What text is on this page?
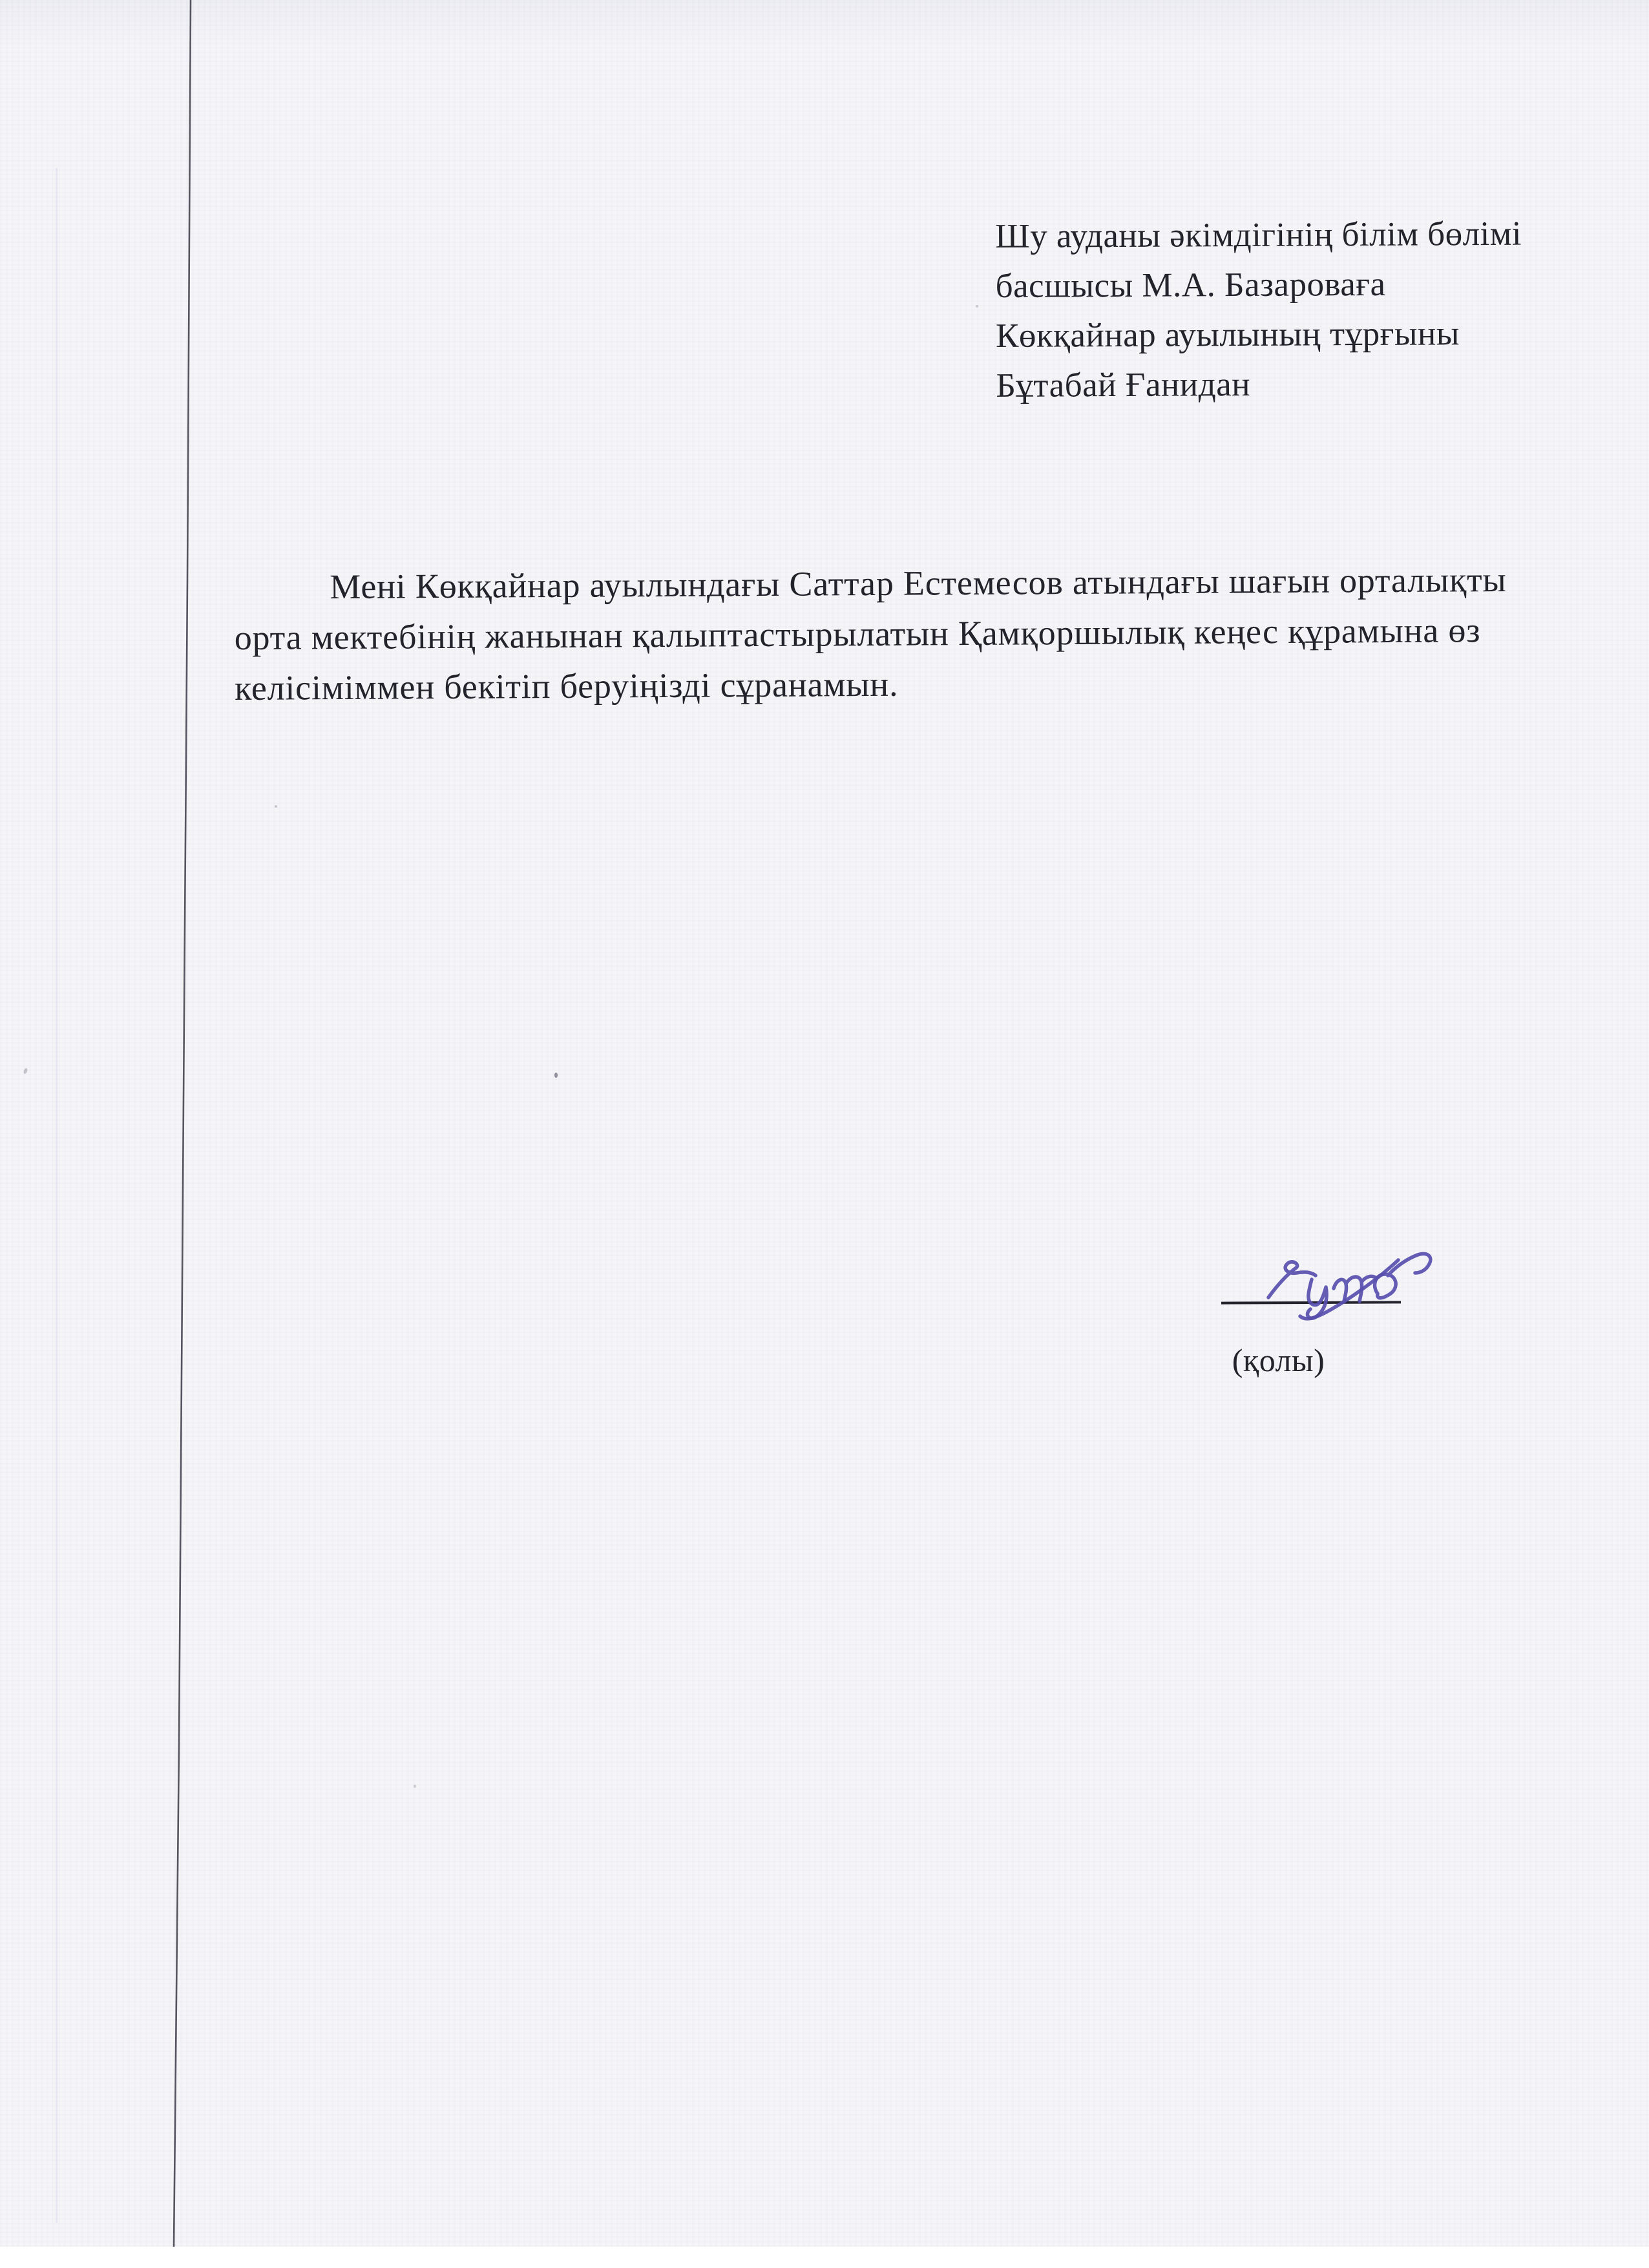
Шу ауданы әкімдігінің білім бөлімі
басшысы М.А. Базароваға
Көкқайнар ауылының тұрғыны
Бұтабай Ғанидан
Мені Көкқайнар ауылындағы Саттар Естемесов атындағы шағын орталықты
орта мектебінің жанынан қалыптастырылатын Қамқоршылық кеңес құрамына өз
келісіміммен бекітіп беруіңізді сұранамын.
(қолы)
